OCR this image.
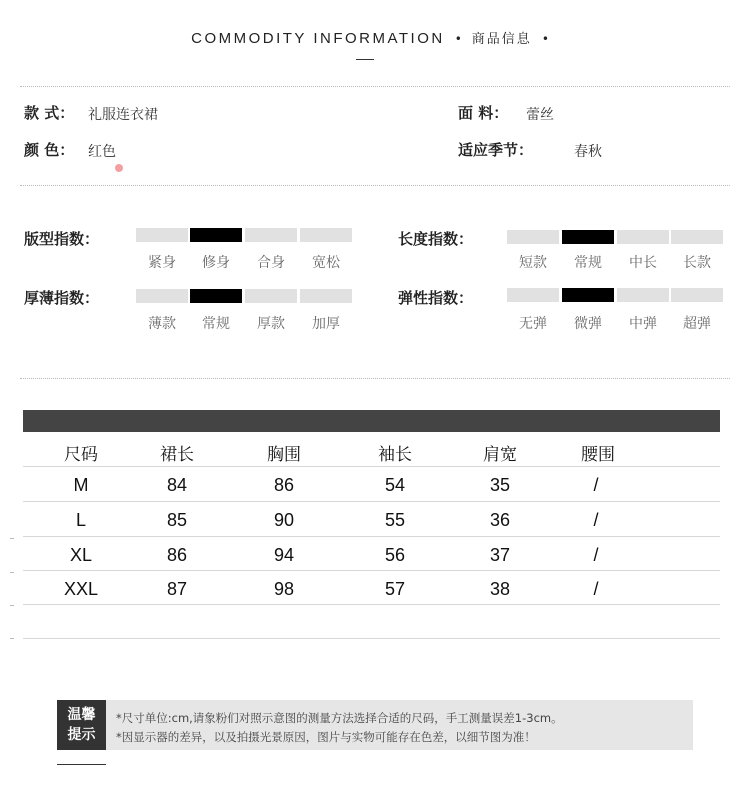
COMMODITY INFORMATION • 商品信息 •
款 式： 礼服连衣裙	面 料： 蕾丝
颜 色： 红色	适应季节：	春秋
版型指数：
紧身	修身	合身	宽松
长度指数：
短款	常规	中长	长款
厚薄指数：
薄款	常规	厚款	加厚
弹性指数：
无弹	微弹	中弹	超弹
尺码	裙长	胸围	袖长	肩宽	腰围
M	84	86	54	35	/
L	85	90	55	36	/
XL	86	94	56	37	/
XXL	87	98	57	38	/
温馨
提示
*尺寸单位:cm,请象粉们对照示意图的测量方法选择合适的尺码，手工测量误差1-3cm。
*因显示器的差异，以及拍摄光景原因，图片与实物可能存在色差，以细节图为准！
